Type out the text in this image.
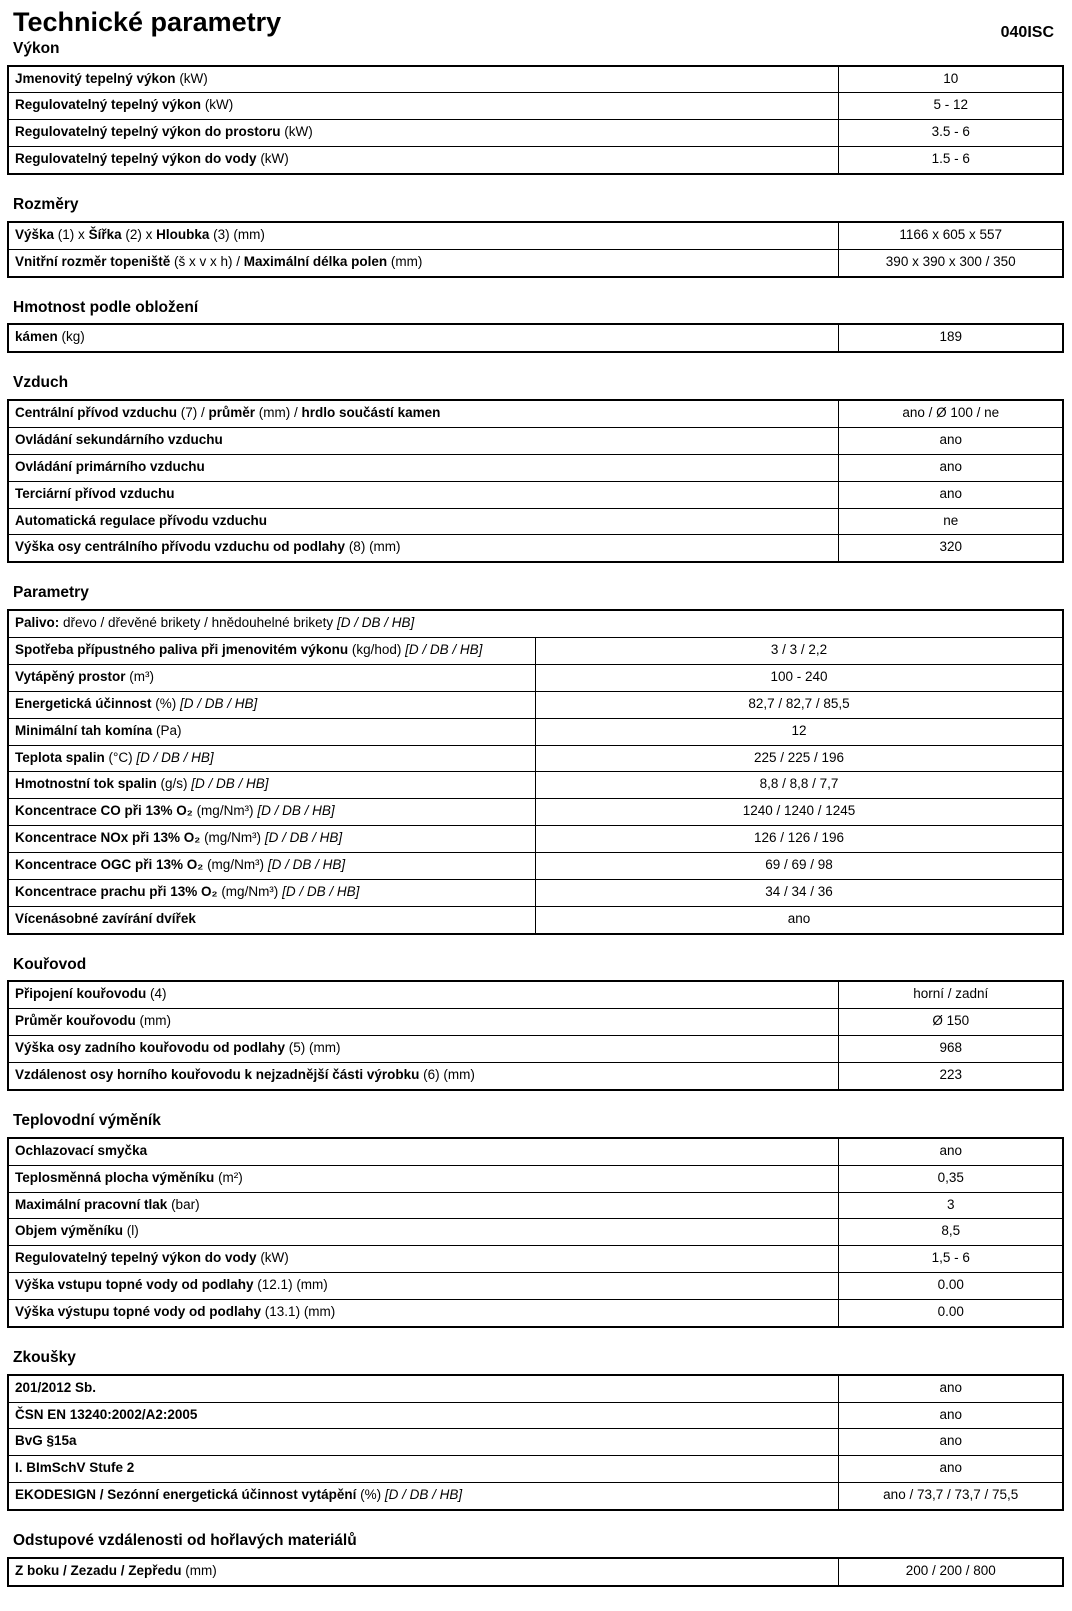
Technické parametry	040ISC
Výkon
Jmenovitý tepelný výkon (kW)	10
Regulovatelný tepelný výkon (kW)	5 - 12
Regulovatelný tepelný výkon do prostoru (kW)	3.5 - 6
Regulovatelný tepelný výkon do vody (kW)	1.5 - 6
Rozměry
Výška (1) x Šířka (2) x Hloubka (3) (mm)	1166 x 605 x 557
Vnitřní rozměr topeniště (š x v x h) / Maximální délka polen (mm)	390 x 390 x 300 / 350
Hmotnost podle obložení
kámen (kg)	189
Vzduch
Centrální přívod vzduchu (7) / průměr (mm) / hrdlo součástí kamen	ano / Ø 100 / ne
Ovládání sekundárního vzduchu	ano
Ovládání primárního vzduchu	ano
Terciární přívod vzduchu	ano
Automatická regulace přívodu vzduchu	ne
Výška osy centrálního přívodu vzduchu od podlahy (8) (mm)	320
Parametry
Palivo: dřevo / dřevěné brikety / hnědouhelné brikety [D / DB / HB]	
Spotřeba přípustného paliva při jmenovitém výkonu (kg/hod) [D / DB / HB]	3 / 3 / 2,2
Vytápěný prostor (m³)	100 - 240
Energetická účinnost (%) [D / DB / HB]	82,7 / 82,7 / 85,5
Minimální tah komína (Pa)	12
Teplota spalin (°C) [D / DB / HB]	225 / 225 / 196
Hmotnostní tok spalin (g/s) [D / DB / HB]	8,8 / 8,8 / 7,7
Koncentrace CO při 13% O₂ (mg/Nm³) [D / DB / HB]	1240 / 1240 / 1245
Koncentrace NOx při 13% O₂ (mg/Nm³) [D / DB / HB]	126 / 126 / 196
Koncentrace OGC při 13% O₂ (mg/Nm³) [D / DB / HB]	69 / 69 / 98
Koncentrace prachu při 13% O₂ (mg/Nm³) [D / DB / HB]	34 / 34 / 36
Vícenásobné zavírání dvířek	ano
Kouřovod
Připojení kouřovodu (4)	horní / zadní
Průměr kouřovodu (mm)	Ø 150
Výška osy zadního kouřovodu od podlahy (5) (mm)	968
Vzdálenost osy horního kouřovodu k nejzadnější části výrobku (6) (mm)	223
Teplovodní výměník
Ochlazovací smyčka	ano
Teplosměnná plocha výměníku (m²)	0,35
Maximální pracovní tlak (bar)	3
Objem výměníku (l)	8,5
Regulovatelný tepelný výkon do vody (kW)	1,5 - 6
Výška vstupu topné vody od podlahy (12.1) (mm)	0.00
Výška výstupu topné vody od podlahy (13.1) (mm)	0.00
Zkoušky
201/2012 Sb.	ano
ČSN EN 13240:2002/A2:2005	ano
BvG §15a	ano
I. BImSchV Stufe 2	ano
EKODESIGN / Sezónní energetická účinnost vytápění (%) [D / DB / HB]	ano / 73,7 / 73,7 / 75,5
Odstupové vzdálenosti od hořlavých materiálů
Z boku / Zezadu / Zepředu (mm)	200 / 200 / 800
